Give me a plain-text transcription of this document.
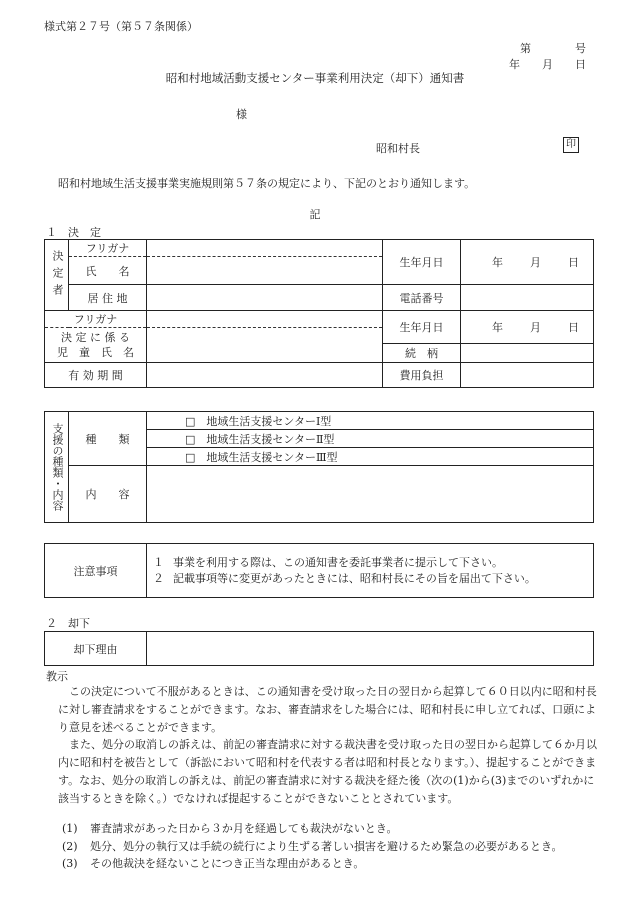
様式第２７号（第５７条関係）
第	号
年 月 日
昭和村地域活動支援センター事業利用決定（却下）通知書
様
昭和村長	印
昭和村地域生活支援事業実施規則第５７条の規定により、下記のとおり通知します。
記
１　決　定
決定者	フリガナ		生年月日	年 月 日
	氏　　名			
	居 住 地		電話番号	
フリガナ			生年月日	年 月 日

決 定 に 係 る
児　童　氏　名				

			続　柄	
有 効 期 間			費用負担	
支援の種類・内容	種　　類	□　地域生活支援センターⅠ型
		□　地域生活支援センターⅡ型
		□　地域生活支援センターⅢ型
	内　　容	
注意事項	
１ 事業を利用する際は、この通知書を委託事業者に提示して下さい。
２ 記載事項等に変更があったときには、昭和村長にその旨を届出て下さい。
２　却下
却下理由	
教示

この決定について不服があるときは、この通知書を受け取った日の翌日から起算して６０日以内に昭和村長に対し審査請求をすることができます。なお、審査請求をした場合には、昭和村長に申し立てれば、口頭により意見を述べることができます。

また、処分の取消しの訴えは、前記の審査請求に対する裁決書を受け取った日の翌日から起算して６か月以内に昭和村を被告として（訴訟において昭和村を代表する者は昭和村長となります。）、提起することができます。なお、処分の取消しの訴えは、前記の審査請求に対する裁決を経た後（次の(1)から(3)までのいずれかに該当するときを除く。）でなければ提起することができないこととされています。

(1) 審査請求があった日から３か月を経過しても裁決がないとき。
(2) 処分、処分の執行又は手続の続行により生ずる著しい損害を避けるため緊急の必要があるとき。
(3) その他裁決を経ないことにつき正当な理由があるとき。
